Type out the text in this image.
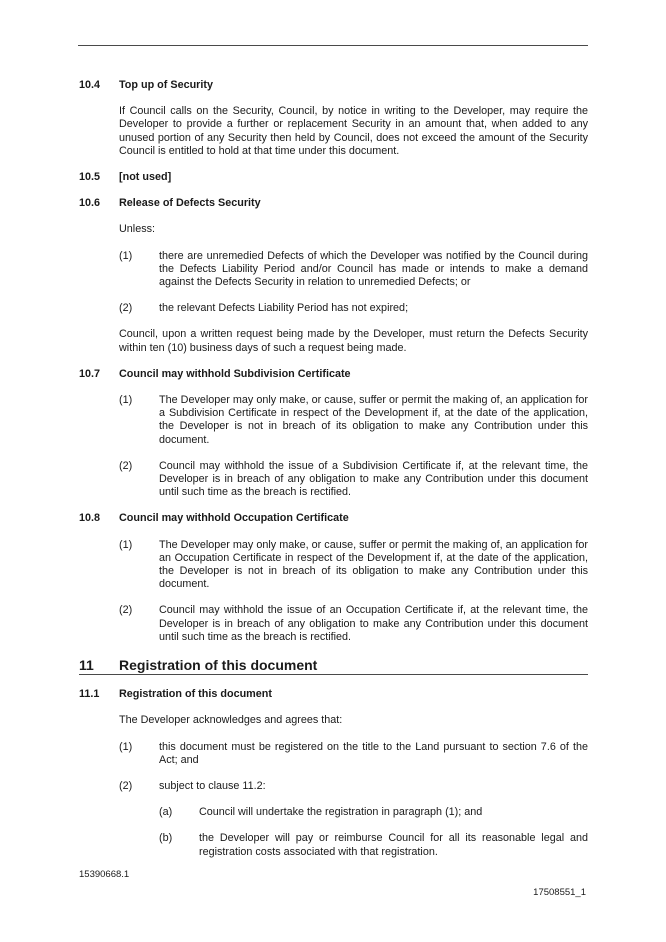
10.4	Top up of Security
If Council calls on the Security, Council, by notice in writing to the Developer, may require the Developer to provide a further or replacement Security in an amount that, when added to any unused portion of any Security then held by Council, does not exceed the amount of the Security Council is entitled to hold at that time under this document.
10.5	[not used]
10.6	Release of Defects Security
Unless:
(1)	there are unremedied Defects of which the Developer was notified by the Council during the Defects Liability Period and/or Council has made or intends to make a demand against the Defects Security in relation to unremedied Defects; or
(2)	the relevant Defects Liability Period has not expired;
Council, upon a written request being made by the Developer, must return the Defects Security within ten (10) business days of such a request being made.
10.7	Council may withhold Subdivision Certificate
(1)	The Developer may only make, or cause, suffer or permit the making of, an application for a Subdivision Certificate in respect of the Development if, at the date of the application, the Developer is not in breach of its obligation to make any Contribution under this document.
(2)	Council may withhold the issue of a Subdivision Certificate if, at the relevant time, the Developer is in breach of any obligation to make any Contribution under this document until such time as the breach is rectified.
10.8	Council may withhold Occupation Certificate
(1)	The Developer may only make, or cause, suffer or permit the making of, an application for an Occupation Certificate in respect of the Development if, at the date of the application, the Developer is not in breach of its obligation to make any Contribution under this document.
(2)	Council may withhold the issue of an Occupation Certificate if, at the relevant time, the Developer is in breach of any obligation to make any Contribution under this document until such time as the breach is rectified.
11	Registration of this document
11.1	Registration of this document
The Developer acknowledges and agrees that:
(1)	this document must be registered on the title to the Land pursuant to section 7.6 of the Act; and
(2)	subject to clause 11.2:
(a)	Council will undertake the registration in paragraph (1); and
(b)	the Developer will pay or reimburse Council for all its reasonable legal and registration costs associated with that registration.
15390668.1
17508551_1
